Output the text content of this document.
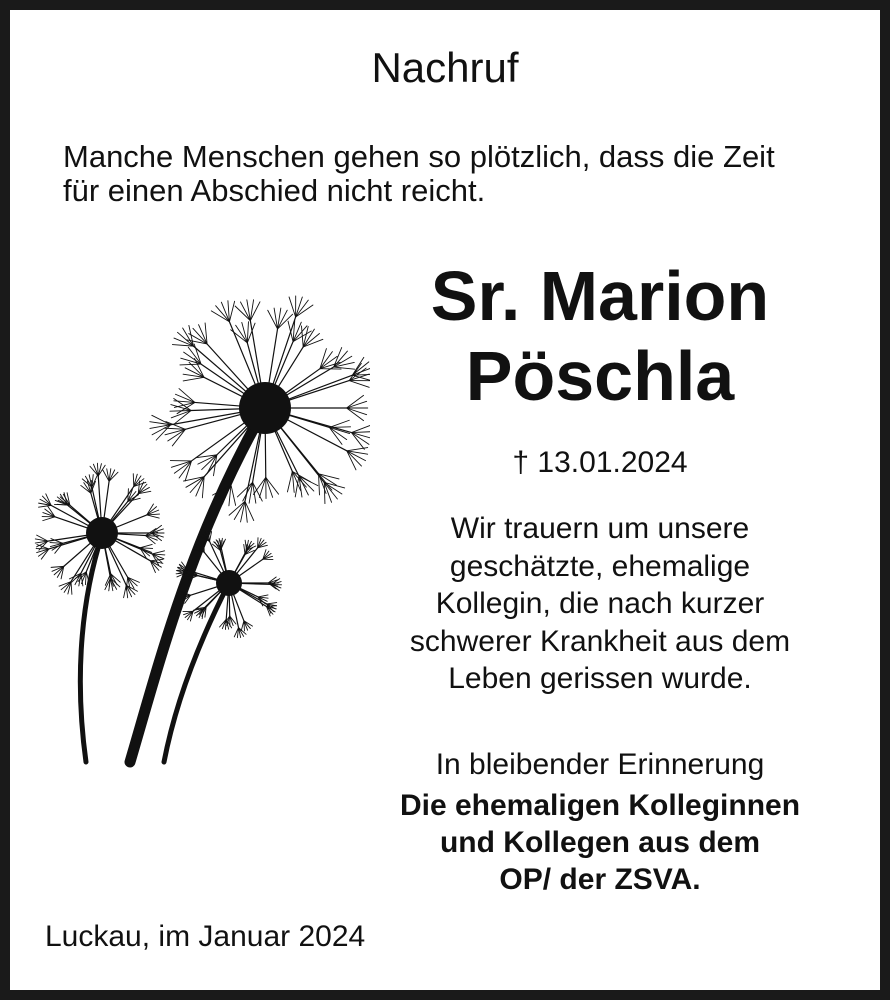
Nachruf
Manche Menschen gehen so plötzlich, dass die Zeit
für einen Abschied nicht reicht.
Sr. Marion
Pöschla
† 13.01.2024
Wir trauern um unsere
geschätzte, ehemalige
Kollegin, die nach kurzer
schwerer Krankheit aus dem
Leben gerissen wurde.
In bleibender Erinnerung
Die ehemaligen Kolleginnen
und Kollegen aus dem
OP/ der ZSVA.
Luckau, im Januar 2024
